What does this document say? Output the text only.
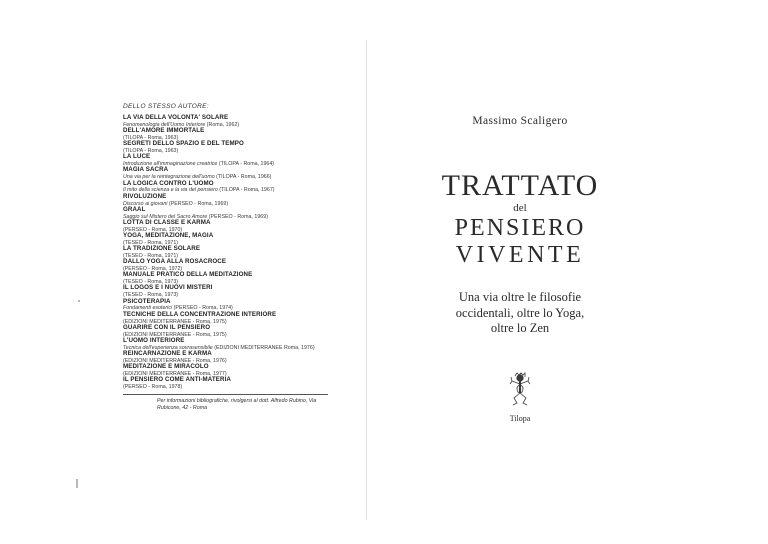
DELLO STESSO AUTORE:
LA VIA DELLA VOLONTA' SOLARE
Fenomenologia dell'Uomo Interiore (Roma, 1962)
DELL'AMORE IMMORTALE
(TILOPA - Roma, 1963)
SEGRETI DELLO SPAZIO E DEL TEMPO
(TILOPA - Roma, 1963)
LA LUCE
Introduzione all'immaginazione creatrice (TILOPA - Roma, 1964)
MAGIA SACRA
Una via per la reintegrazione dell'uomo (TILOPA - Roma, 1966)
LA LOGICA CONTRO L'UOMO
Il mito della scienza e la via del pensiero (TILOPA - Roma, 1967)
RIVOLUZIONE
Discorso ai giovani (PERSEO - Roma, 1969)
GRAAL
Saggio sul Mistero del Sacro Amore (PERSEO - Roma, 1969)
LOTTA DI CLASSE E KARMA
(PERSEO - Roma, 1970)
YOGA, MEDITAZIONE, MAGIA
(TESEO - Roma, 1971)
LA TRADIZIONE SOLARE
(TESEO - Roma, 1971)
DALLO YOGA ALLA ROSACROCE
(PERSEO - Roma, 1972)
MANUALE PRATICO DELLA MEDITAZIONE
(TESEO - Roma, 1973)
IL LOGOS E I NUOVI MISTERI
(TESEO - Roma, 1973)
PSICOTERAPIA
Fondamenti esoterici (PERSEO - Roma, 1974)
TECNICHE DELLA CONCENTRAZIONE INTERIORE
(EDIZIONI MEDITERRANEE - Roma, 1975)
GUARIRE CON IL PENSIERO
(EDIZIONI MEDITERRANEE - Roma, 1975)
L'UOMO INTERIORE
Tecnica dell'esperienza sovrasensibile (EDIZIONI MEDITERRANEE Roma, 1976)
REINCARNAZIONE E KARMA
(EDIZIONI MEDITERRANEE - Roma, 1976)
MEDITAZIONE E MIRACOLO
(EDIZIONI MEDITERRANEE - Roma, 1977)
IL PENSIERO COME ANTI-MATERIA
(PERSEO - Roma, 1978)
Per informazioni bibliografiche, rivolgersi al dott. Alfredo Rubino, Via Rubicone, 42 - Roma
Massimo Scaligero
TRATTATO
del
PENSIERO
VIVENTE
Una via oltre le filosofie
occidentali, oltre lo Yoga,
oltre lo Zen
Tilopa
